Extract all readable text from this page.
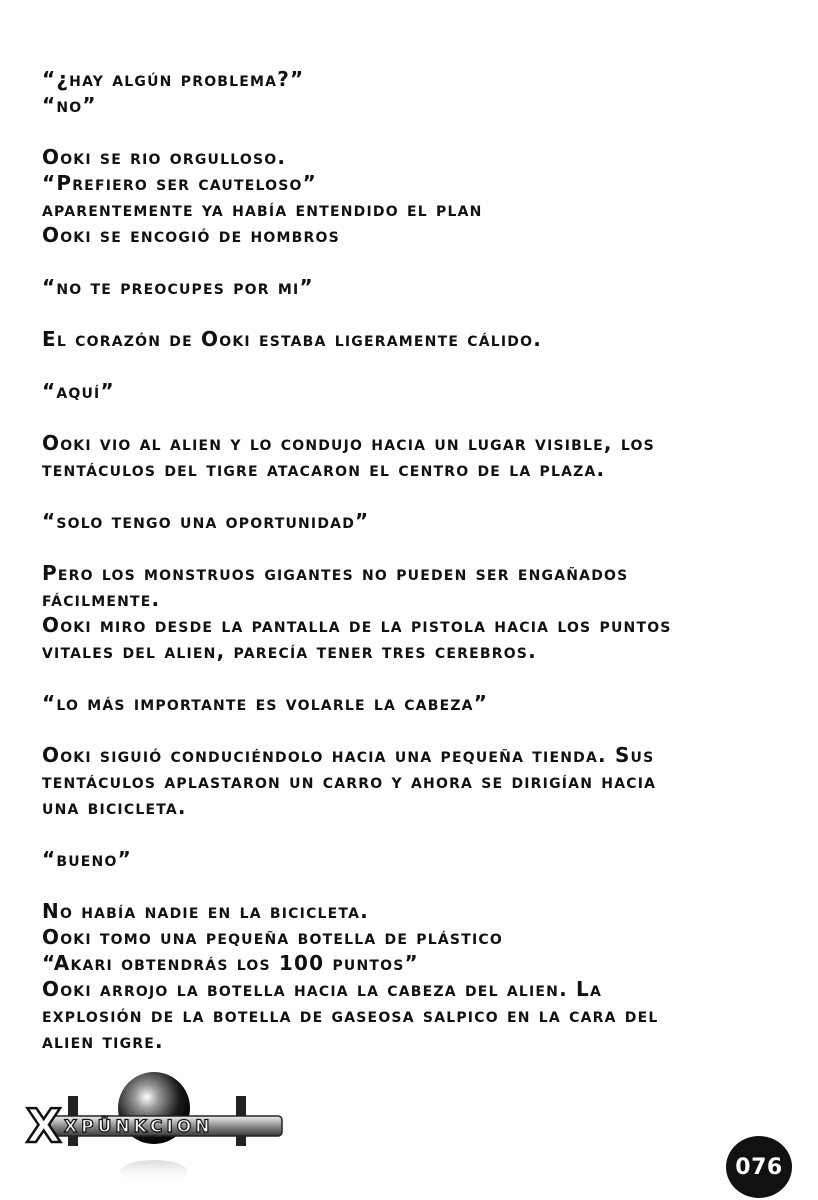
“¿hay algún problema?”
“no”
Ooki se rio orgulloso.
“Prefiero ser cauteloso”
aparentemente ya había entendido el plan
Ooki se encogió de hombros
“no te preocupes por mi”
El corazón de Ooki estaba ligeramente cálido.
“aquí”
Ooki vio al alien y lo condujo hacia un lugar visible, los
tentáculos del tigre atacaron el centro de la plaza.
“solo tengo una oportunidad”
Pero los monstruos gigantes no pueden ser engañados
fácilmente.
Ooki miro desde la pantalla de la pistola hacia los puntos
vitales del alien, parecía tener tres cerebros.
“lo más importante es volarle la cabeza”
Ooki siguió conduciéndolo hacia una pequeña tienda. Sus
tentáculos aplastaron un carro y ahora se dirigían hacia
una bicicleta.
“bueno”
No había nadie en la bicicleta.
Ooki tomo una pequeña botella de plástico
“Akari obtendrás los 100 puntos”
Ooki arrojo la botella hacia la cabeza del alien. La
explosión de la botella de gaseosa salpico en la cara del
alien tigre.
X XPÜNKCION
076
